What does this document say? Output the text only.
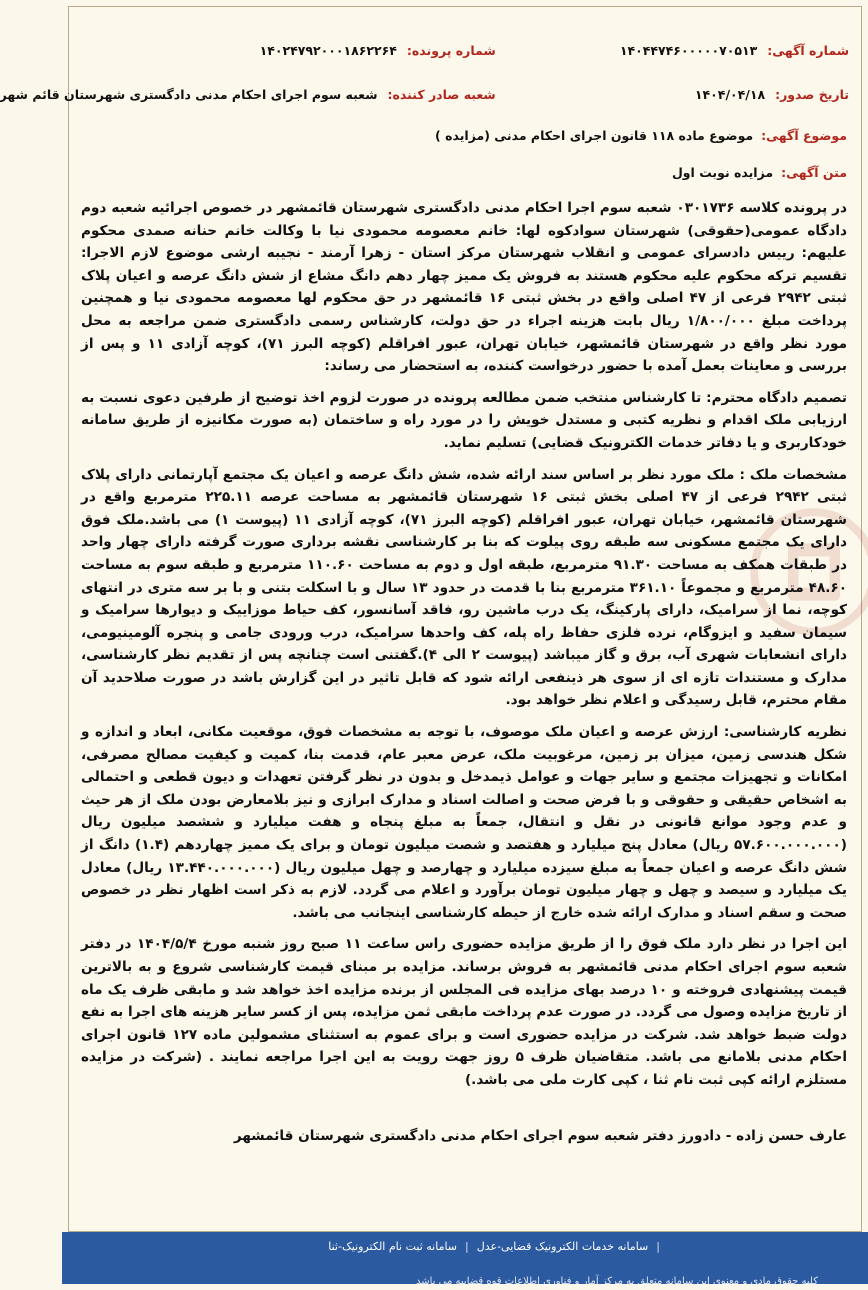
شماره آگهی:
۱۴۰۴۴۷۴۶۰۰۰۰۰۷۰۵۱۳
شماره پرونده:
۱۴۰۲۴۷۹۲۰۰۰۱۸۶۲۲۶۴
تاریخ صدور:
۱۴۰۴/۰۴/۱۸
شعبه صادر کننده:
شعبه سوم اجرای احکام مدنی دادگستری شهرستان قائم شهر
موضوع آگهی:
موضوع ماده ۱۱۸ قانون اجرای احکام مدنی (مزایده )
متن آگهی:
مزایده نوبت اول

در پرونده کلاسه ۰۳۰۱۷۳۶ شعبه سوم اجرا احکام مدنی دادگستری شهرستان قائمشهر در خصوص اجرائیه شعبه دوم دادگاه عمومی(حقوقی) شهرستان سوادکوه لها: خانم معصومه محمودی نیا با وکالت خانم حنانه صمدی محکوم علیهم: رییس دادسرای عمومی و انقلاب شهرستان مرکز استان - زهرا آرمند - نجیبه ارشی موضوع لازم الاجرا: تقسیم ترکه محکوم علیه محکوم هستند به فروش یک ممیز چهار دهم دانگ مشاع از شش دانگ عرصه و اعیان پلاک ثبتی ۲۹۴۲ فرعی از ۴۷ اصلی واقع در بخش ثبتی ۱۶ قائمشهر در حق محکوم لها معصومه محمودی نیا و همچنین پرداخت مبلغ ۱/۸۰۰/۰۰۰ ریال بابت هزینه اجراء در حق دولت، کارشناس رسمی دادگستری ضمن مراجعه به محل مورد نظر واقع در شهرستان قائمشهر، خیابان تهران، عبور افراقلم (کوچه البرز ۷۱)، کوچه آزادی ۱۱ و پس از بررسی و معاینات بعمل آمده با حضور درخواست کننده، به استحضار می رساند:

تصمیم دادگاه محترم: تا کارشناس منتخب ضمن مطالعه پرونده در صورت لزوم اخذ توضیح از طرفین دعوی نسبت به ارزیابی ملک اقدام و نظریه کتبی و مستدل خویش را در مورد راه و ساختمان (به صورت مکانیزه از طریق سامانه خودکاربری و یا دفاتر خدمات الکترونیک قضایی) تسلیم نماید.

مشخصات ملک : ملک مورد نظر بر اساس سند ارائه شده، شش دانگ عرصه و اعیان یک مجتمع آپارتمانی دارای پلاک ثبتی ۲۹۴۲ فرعی از ۴۷ اصلی بخش ثبتی ۱۶ شهرستان قائمشهر به مساحت عرصه ۲۲۵.۱۱ مترمربع واقع در شهرستان قائمشهر، خیابان تهران، عبور افراقلم (کوچه البرز ۷۱)، کوچه آزادی ۱۱ (پیوست ۱) می باشد.ملک فوق دارای یک مجتمع مسکونی سه طبقه روی پیلوت که بنا بر کارشناسی نقشه برداری صورت گرفته دارای چهار واحد در طبقات همکف به مساحت ۹۱.۳۰ مترمربع، طبقه اول و دوم به مساحت ۱۱۰.۶۰ مترمربع و طبقه سوم به مساحت ۴۸.۶۰ مترمربع و مجموعاً ۳۶۱.۱۰ مترمربع بنا با قدمت در حدود ۱۳ سال و با اسکلت بتنی و با بر سه متری در انتهای کوچه، نما از سرامیک، دارای پارکینگ، یک درب ماشین رو، فاقد آسانسور، کف حیاط موزاییک و دیوارها سرامیک و سیمان سفید و ایزوگام، نرده فلزی حفاظ راه پله، کف واحدها سرامیک، درب ورودی جامی و پنجره آلومینیومی، دارای انشعابات شهری آب، برق و گاز میباشد (پیوست ۲ الی ۴).گفتنی است چنانچه پس از تقدیم نظر کارشناسی، مدارک و مستندات تازه ای از سوی هر ذینفعی ارائه شود که قابل تاثیر در این گزارش باشد در صورت صلاحدید آن مقام محترم، قابل رسیدگی و اعلام نظر خواهد بود.

نظریه کارشناسی: ارزش عرصه و اعیان ملک موصوف، با توجه به مشخصات فوق، موقعیت مکانی، ابعاد و اندازه و شکل هندسی زمین، میزان بر زمین، مرغوبیت ملک، عرض معبر عام، قدمت بنا، کمیت و کیفیت مصالح مصرفی، امکانات و تجهیزات مجتمع و سایر جهات و عوامل ذیمدخل و بدون در نظر گرفتن تعهدات و دیون قطعی و احتمالی به اشخاص حقیقی و حقوقی و با فرض صحت و اصالت اسناد و مدارک ابرازی و نیز بلامعارض بودن ملک از هر حیث و عدم وجود موانع قانونی در نقل و انتقال، جمعاً به مبلغ پنجاه و هفت میلیارد و ششصد میلیون ریال (۵۷.۶۰۰.۰۰۰.۰۰۰ ریال) معادل پنج میلیارد و هفتصد و شصت میلیون تومان و برای یک ممیز چهاردهم (۱.۴) دانگ از شش دانگ عرصه و اعیان جمعاً به مبلغ سیزده میلیارد و چهارصد و چهل میلیون ریال (۱۳.۴۴۰.۰۰۰.۰۰۰ ریال) معادل یک میلیارد و سیصد و چهل و چهار میلیون تومان برآورد و اعلام می گردد. لازم به ذکر است اظهار نظر در خصوص صحت و سقم اسناد و مدارک ارائه شده خارج از حیطه کارشناسی اینجانب می باشد.

این اجرا در نظر دارد ملک فوق را از طریق مزایده حضوری راس ساعت ۱۱ صبح روز شنبه مورخ ۱۴۰۴/۵/۴ در دفتر شعبه سوم اجرای احکام مدنی قائمشهر به فروش برساند. مزایده بر مبنای قیمت کارشناسی شروع و به بالاترین قیمت پیشنهادی فروخته و ۱۰ درصد بهای مزایده فی المجلس از برنده مزایده اخذ خواهد شد و مابقی ظرف یک ماه از تاریخ مزایده وصول می گردد. در صورت عدم پرداخت مابقی ثمن مزایده، پس از کسر سایر هزینه های اجرا به نفع دولت ضبط خواهد شد. شرکت در مزایده حضوری است و برای عموم به استثنای مشمولین ماده ۱۲۷ قانون اجرای احکام مدنی بلامانع می باشد. متقاضیان ظرف ۵ روز جهت رویت به این اجرا مراجعه نمایند . (شرکت در مزایده مستلزم ارائه کپی ثبت نام ثنا ، کپی کارت ملی می باشد.)

عارف حسن زاده - دادورز دفتر شعبه سوم اجرای احکام مدنی دادگستری شهرستان قائمشهر
|
سامانه خدمات الکترونیک قضایی-عدل
|
سامانه ثبت نام الکترونیک-ثنا
کلیه حقوق مادی و معنوی این سامانه متعلق به مرکز آمار و فناوری اطلاعات قوه قضاییه می باشد
